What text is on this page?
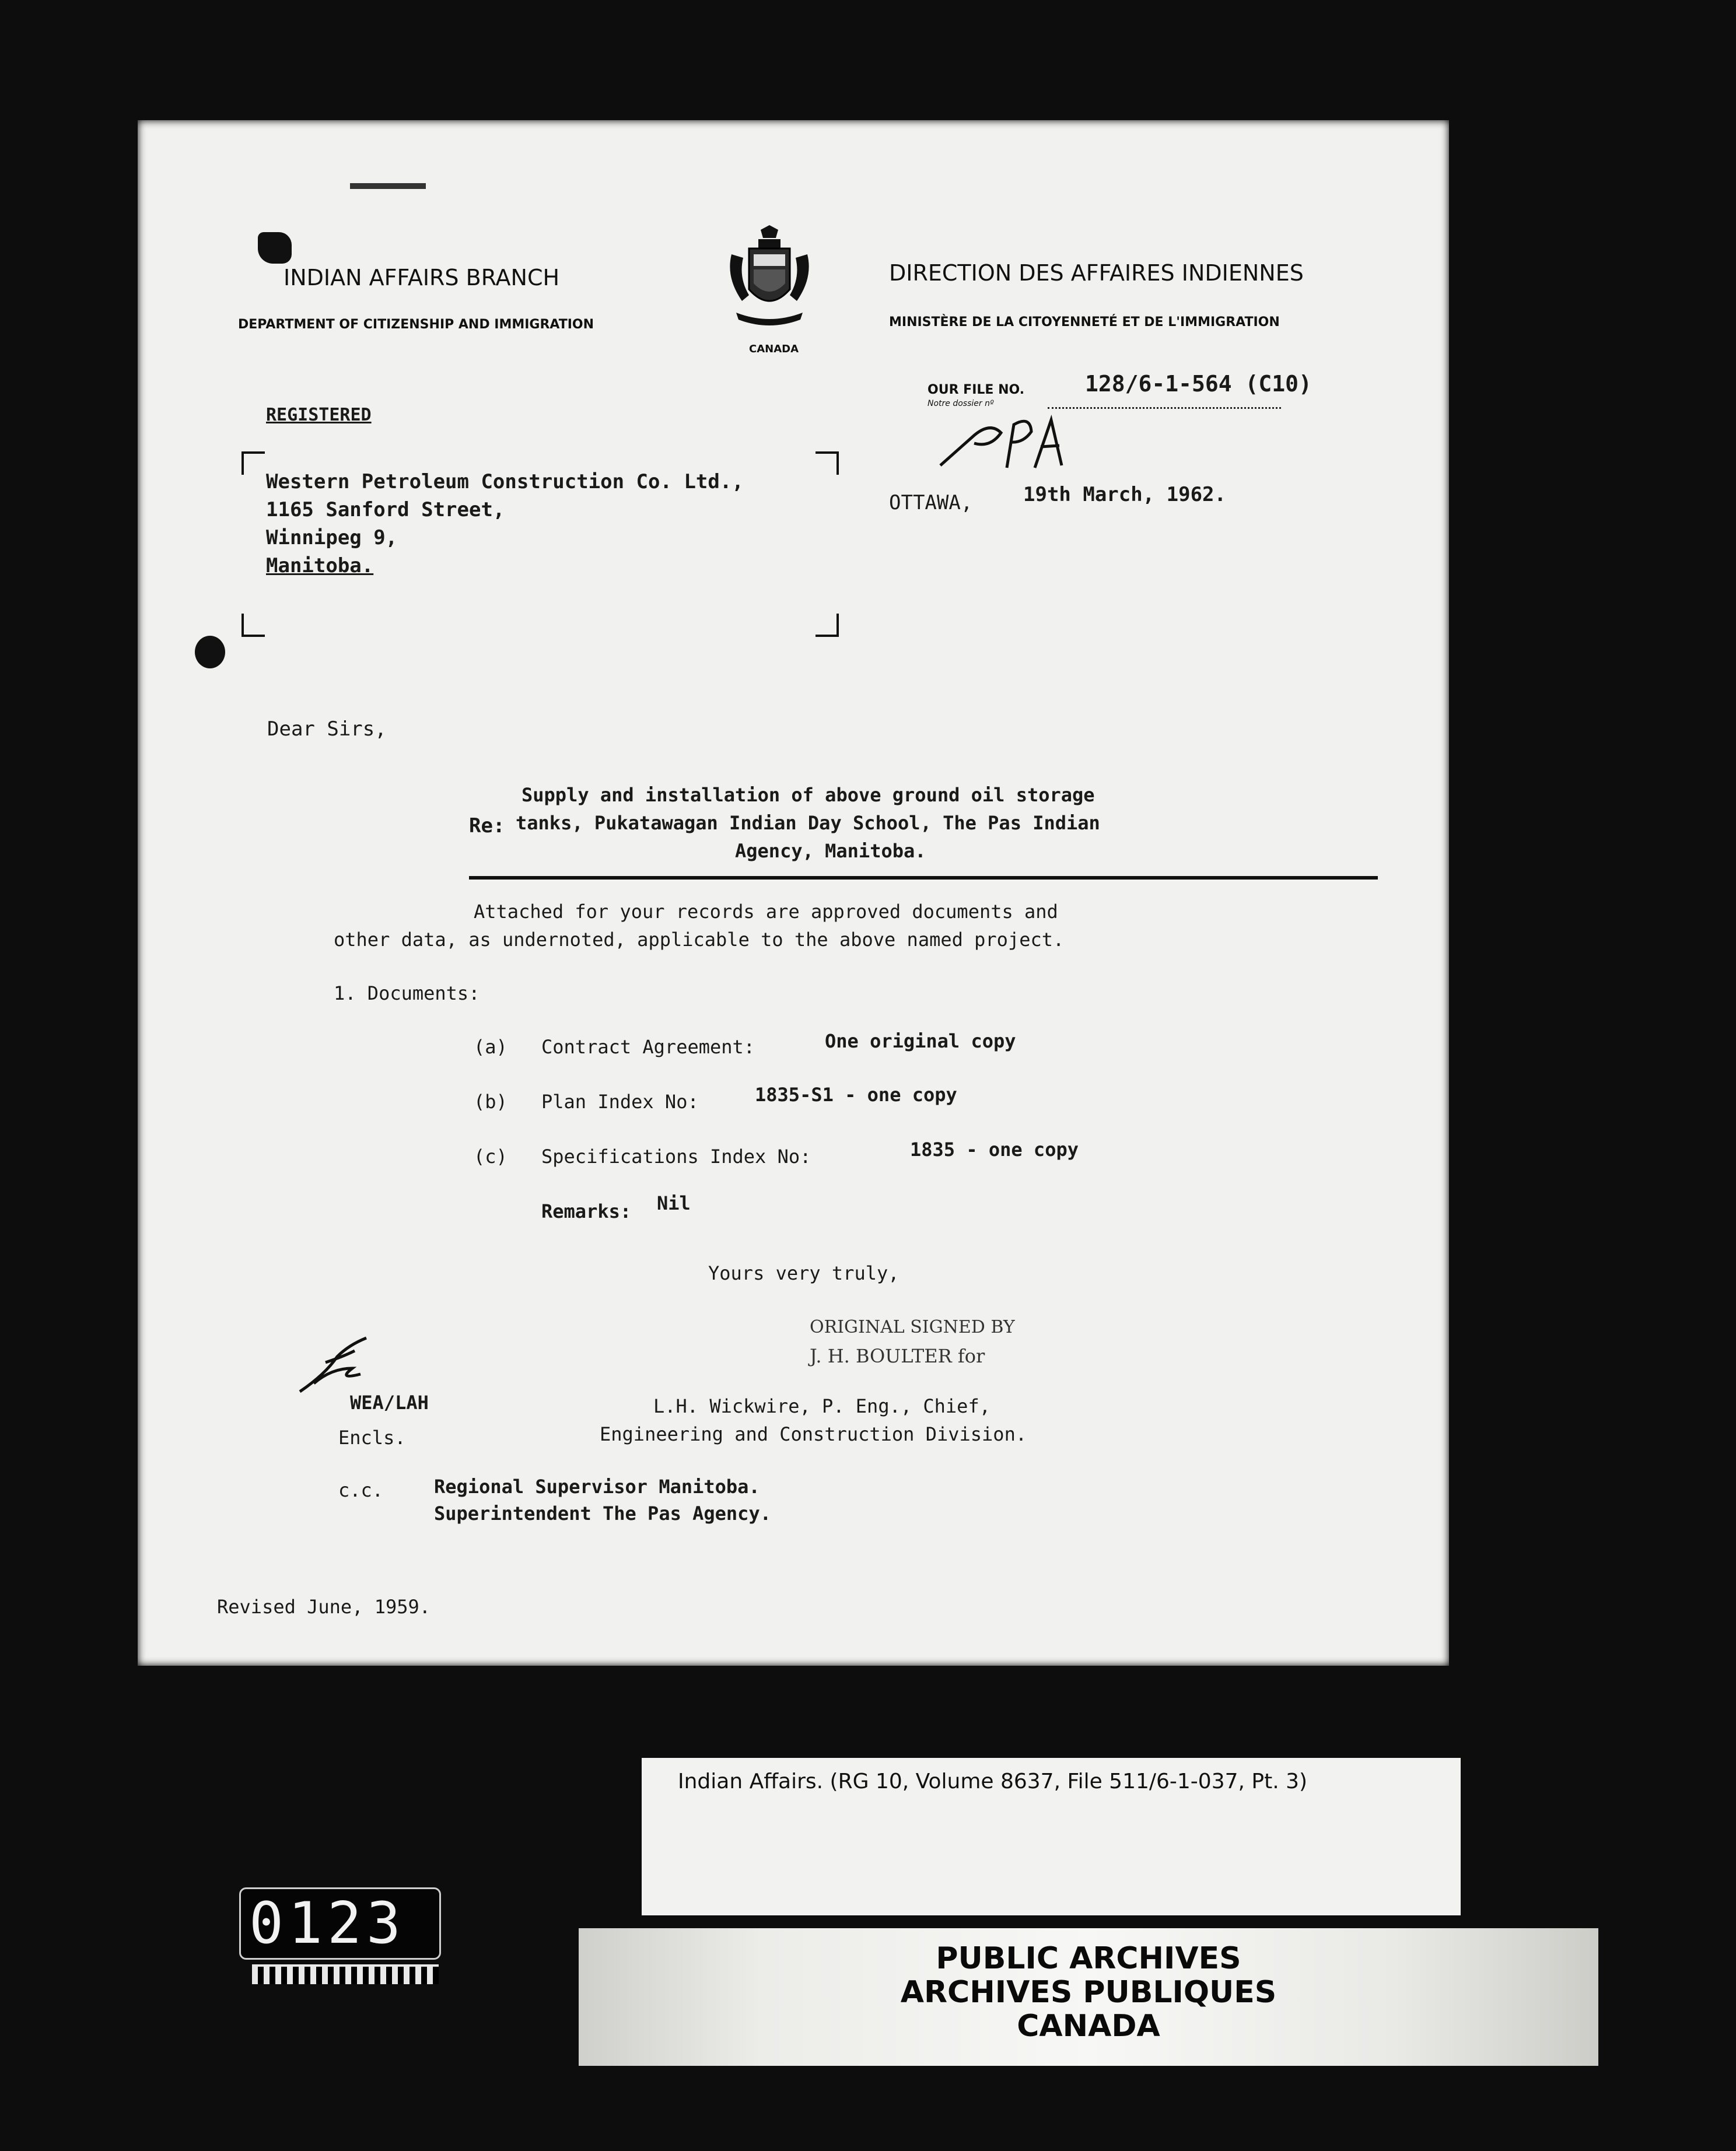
INDIAN AFFAIRS BRANCH
DEPARTMENT OF CITIZENSHIP AND IMMIGRATION
CANADA
DIRECTION DES AFFAIRES INDIENNES
MINISTÈRE DE LA CITOYENNETÉ ET DE L'IMMIGRATION
OUR FILE NO.
Notre dossier nº
128/6-1-564 (C10)
PA
REGISTERED
Western Petroleum Construction Co. Ltd.,
1165 Sanford Street,
Winnipeg 9,
Manitoba.
OTTAWA,	19th March, 1962.
Dear Sirs,
Re:
Supply and installation of above ground oil storage
tanks, Pukatawagan Indian Day School, The Pas Indian
Agency, Manitoba.
Attached for your records are approved documents and
other data, as undernoted, applicable to the above named project.
1. Documents:
(a) Contract Agreement:	One original copy
(b) Plan Index No:	1835-S1 - one copy
(c) Specifications Index No:	1835 - one copy
Remarks: Nil
Yours very truly,
ORIGINAL SIGNED BY
J. H. BOULTER for
WEA/LAH	L.H. Wickwire, P. Eng., Chief,
Engineering and Construction Division.
Encls.
c.c.	Regional Supervisor Manitoba.
Superintendent The Pas Agency.
Revised June, 1959.
Indian Affairs. (RG 10, Volume 8637, File 511/6-1-037, Pt. 3)
PUBLIC ARCHIVES
ARCHIVES PUBLIQUES
CANADA
0123
